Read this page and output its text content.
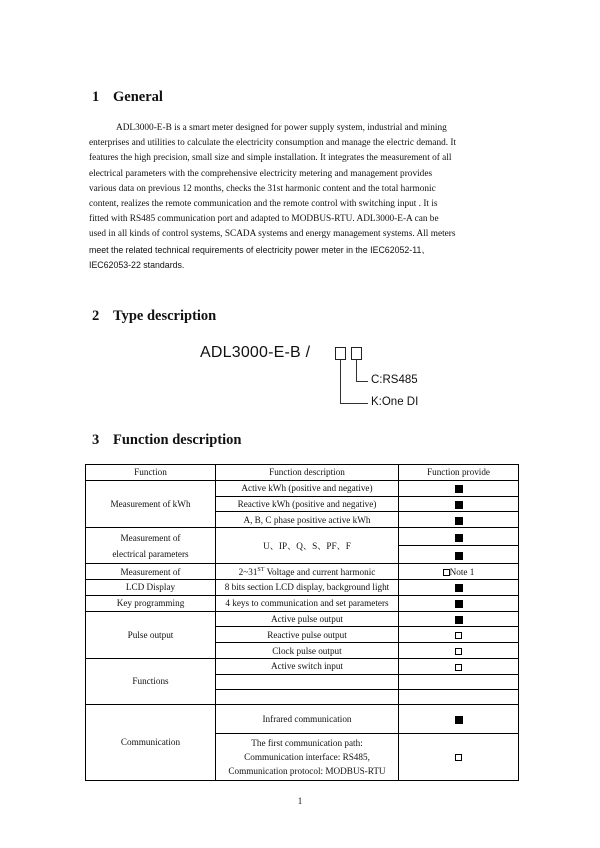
1 General
ADL3000-E-B is a smart meter designed for power supply system, industrial and mining
enterprises and utilities to calculate the electricity consumption and manage the electric demand. It
features the high precision, small size and simple installation. It integrates the measurement of all
electrical parameters with the comprehensive electricity metering and management provides
various data on previous 12 months, checks the 31st harmonic content and the total harmonic
content, realizes the remote communication and the remote control with switching input . It is
fitted with RS485 communication port and adapted to MODBUS-RTU. ADL3000-E-A can be
used in all kinds of control systems, SCADA systems and energy management systems. All meters
meet the related technical requirements of electricity power meter in the IEC62052-11、
IEC62053-22 standards.
2 Type description
ADL3000-E-B /
C:RS485
K:One DI
3 Function description
Function	Function description	Function provide
Measurement of kWh	Active kWh (positive and negative)	
	Reactive kWh (positive and negative)	
	A, B, C phase positive active kWh	

Measurement of
electrical parameters	U、IP、Q、S、PF、F	

Measurement of	2~31ST Voltage and current harmonic	Note 1
LCD Display	8 bits section LCD display, background light	
Key programming	4 keys to communication and set parameters	
Pulse output	Active pulse output	
	Reactive pulse output	
	Clock pulse output	
Functions	Active switch input	

Communication	Infrared communication	

	The first communication path:
Communication interface: RS485,
Communication protocol: MODBUS-RTU	

1
